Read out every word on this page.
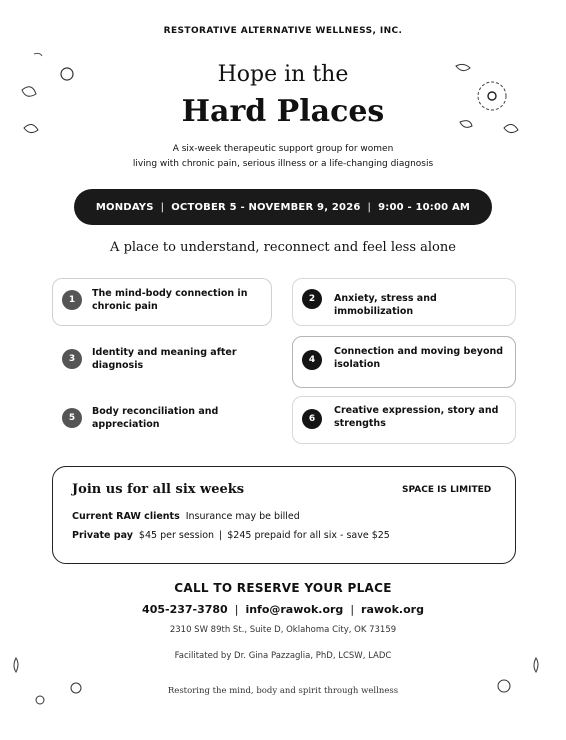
RESTORATIVE ALTERNATIVE WELLNESS, INC.
Hope in the
Hard Places
A six-week therapeutic support group for women
living with chronic pain, serious illness or a life-changing diagnosis
MONDAYS | OCTOBER 5 - NOVEMBER 9, 2026 | 9:00 - 10:00 AM
A place to understand, reconnect and feel less alone
1
The mind-body connection in
chronic pain
2	Anxiety, stress and immobilization
3
Identity and meaning after
diagnosis	4
Connection and moving beyond
isolation
5
Body reconciliation and
appreciation	6
Creative expression, story and
strengths
Join us for all six weeks	SPACE IS LIMITED
Current RAW clients Insurance may be billed
Private pay $45 per session | $245 prepaid for all six - save $25
CALL TO RESERVE YOUR PLACE
405-237-3780 | info@rawok.org | rawok.org
2310 SW 89th St., Suite D, Oklahoma City, OK 73159
Facilitated by Dr. Gina Pazzaglia, PhD, LCSW, LADC
Restoring the mind, body and spirit through wellness
